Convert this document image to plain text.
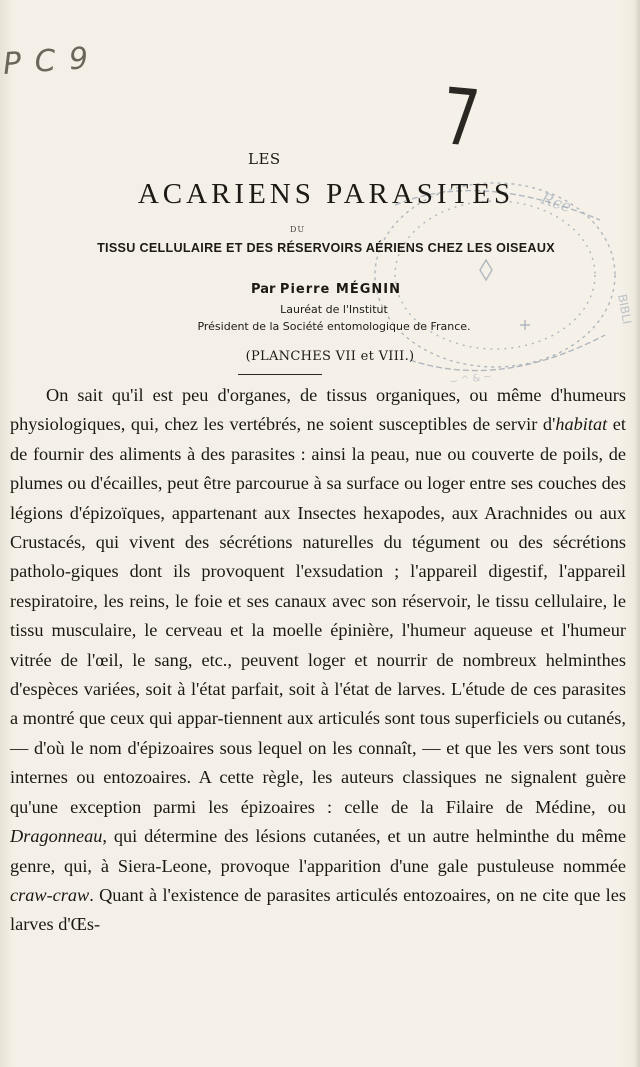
P C 9
7
Rce
BIBLI
~ ^ & ~
LES
ACARIENS PARASITES
DU
TISSU CELLULAIRE ET DES RÉSERVOIRS AÉRIENS CHEZ LES OISEAUX
Par Pierre MÉGNIN
Lauréat de l'Institut
Président de la Société entomologique de France.
(PLANCHES VII et VIII.)

On sait qu'il est peu d'organes, de tissus organiques, ou même d'humeurs physiologiques, qui, chez les vertébrés, ne soient susceptibles de servir d'habitat et de fournir des aliments à des parasites : ainsi la peau, nue ou couverte de poils, de plumes ou d'écailles, peut être parcourue à sa surface ou loger entre ses couches des légions d'épizoïques, appartenant aux Insectes hexapodes, aux Arachnides ou aux Crustacés, qui vivent des sécrétions naturelles du tégument ou des sécrétions patholo-giques dont ils provoquent l'exsudation ; l'appareil digestif, l'appareil respiratoire, les reins, le foie et ses canaux avec son réservoir, le tissu cellulaire, le tissu musculaire, le cerveau et la moelle épinière, l'humeur aqueuse et l'humeur vitrée de l'œil, le sang, etc., peuvent loger et nourrir de nombreux helminthes d'espèces variées, soit à l'état parfait, soit à l'état de larves. L'étude de ces parasites a montré que ceux qui appar-tiennent aux articulés sont tous superficiels ou cutanés, — d'où le nom d'épizoaires sous lequel on les connaît, — et que les vers sont tous internes ou entozoaires. A cette règle, les auteurs classiques ne signalent guère qu'une exception parmi les épizoaires : celle de la Filaire de Médine, ou Dragonneau, qui détermine des lésions cutanées, et un autre helminthe du même genre, qui, à Siera-Leone, provoque l'apparition d'une gale pustuleuse nommée craw-craw. Quant à l'existence de parasites articulés entozoaires, on ne cite que les larves d'Œs-
